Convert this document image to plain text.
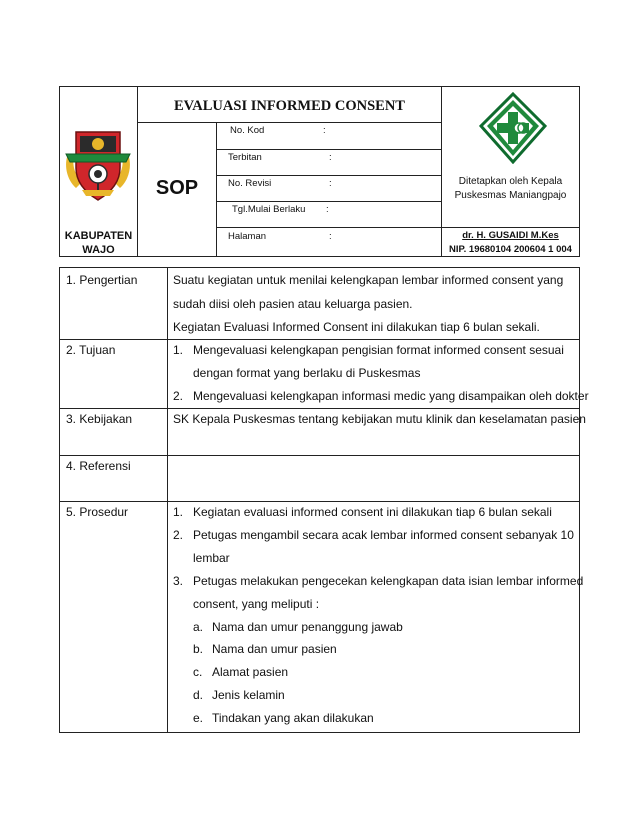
KABUPATEN
WAJO
EVALUASI INFORMED CONSENT
SOP
No. Kod	:
Terbitan	:
No. Revisi	:
Tgl.Mulai Berlaku :
Halaman	:
Ditetapkan oleh Kepala
Puskesmas Maniangpajo
dr. H. GUSAIDI M.Kes
NIP. 19680104 200604 1 004
1. Pengertian	Suatu kegiatan untuk menilai kelengkapan lembar informed consent yang
sudah diisi oleh pasien atau keluarga pasien.
Kegiatan Evaluasi Informed Consent ini dilakukan tiap 6 bulan sekali.
2. Tujuan	1. Mengevaluasi kelengkapan pengisian format informed consent sesuai
dengan format yang berlaku di Puskesmas
2. Mengevaluasi kelengkapan informasi medic yang disampaikan oleh dokter
3. Kebijakan	SK Kepala Puskesmas tentang kebijakan mutu klinik dan keselamatan pasien
4. Referensi
5. Prosedur	1. Kegiatan evaluasi informed consent ini dilakukan tiap 6 bulan sekali
2. Petugas mengambil secara acak lembar informed consent sebanyak 10
lembar
3. Petugas melakukan pengecekan kelengkapan data isian lembar informed
consent, yang meliputi :
a. Nama dan umur penanggung jawab
b. Nama dan umur pasien
c. Alamat pasien
d. Jenis kelamin
e. Tindakan yang akan dilakukan
